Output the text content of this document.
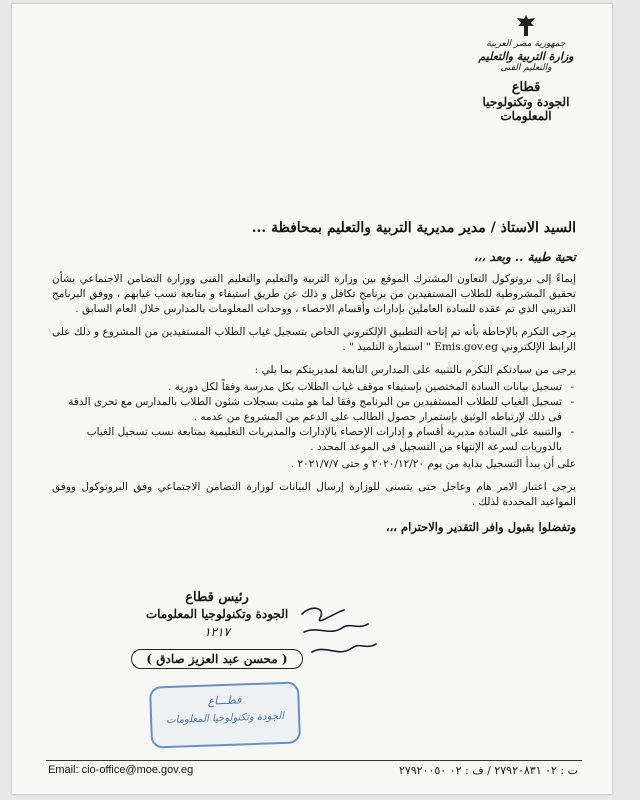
جمهورية مصر العربية
وزارة التربية والتعليم
والتعليم الفنى
قطاع
الجودة وتكنولوجيا المعلومات

السيد الاستاذ / مدير مديرية التربية والتعليم بمحافظة ...

تحية طيبة .. وبعد ،،،

إيماءً إلى بروتوكول التعاون المشترك الموقع بين وزارة التربية والتعليم والتعليم الفنى ووزارة التضامن الاجتماعي بشأن تحقيق المشروطية للطلاب المستفيدين من برنامج تكافل و ذلك عن طريق استيفاء و متابعة نسب غيابهم ، ووفق البرنامج التدريبي الذي تم عقده للسادة العاملين بإدارات وأقسام الاحصاء ، ووحدات المعلومات بالمدارس خلال العام السابق .

يرجى التكرم بالإحاطة بأنه تم إتاحة التطبيق الإلكتروني الخاص بتسجيل غياب الطلاب المستفيدين من المشروع و ذلك على الرابط الإلكتروني Emis.gov.eg " استمارة التلميذ " .

يرجى من سيادتكم التكرم بالتنبيه على المدارس التابعة لمديريتكم بما يلي :

- تسجيل بيانات السادة المختصين بإستيفاء موقف غياب الطلاب بكل مدرسة وفقاً لكل دورية .
- تسجيل الغياب للطلاب المستفيدين من البرنامج وفقا لما هو مثبت بسجلات شئون الطلاب بالمدارس مع تحرى الدقة فى ذلك لإرتباطه الوثيق بإستمرار حصول الطالب على الدعم من المشروع من عدمه .
- والتنبيه على السادة مديرية أقسام و إدارات الإحصاء بالإدارات والمديريات التعليمية بمتابعة نسب تسجيل الغياب بالدوريات لسرعة الإنتهاء من التسجيل فى الموعد المحدد .

على أن يبدأ التسجيل بداية من يوم ٢٠٢٠/١٢/٢٠ و حتى ٢٠٢١/٧/٧ .

يرجى اعتبار الامر هام وعاجل حتى يتسنى للوزارة إرسال البيانات لوزارة التضامن الاجتماعي وفق البروتوكول ووفق المواعيد المحددة لذلك .

وتفضلوا بقبول وافر التقدير والاحترام ،،،

رئيس قطاع

الجودة وتكنولوجيا المعلومات

١٢١٧

( محسن عبد العزيز صادق )
قطـــاع
الجودة وتكنولوجيا المعلومات
Email: cio-office@moe.gov.eg	ت : ٠٢ ٢٧٩٢٠٨٣١ / ف : ٠٢ ٢٧٩٢٠٠٥٠
